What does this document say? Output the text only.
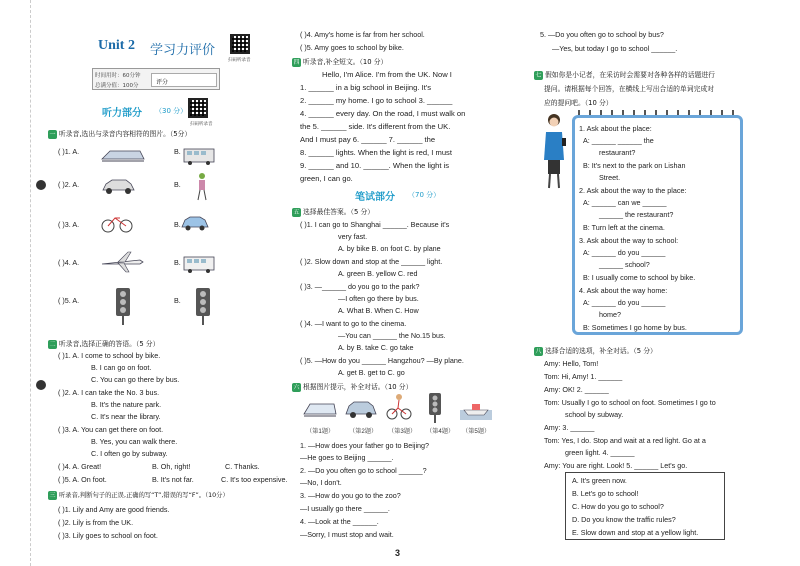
Unit 2 学习力评价
扫码听录音
时间用时：60分钟
总满分值：100分	评分
听力部分 （30 分）
扫码听录音
一 听录音,选出与录音内容相符的图片。（5分）
( )1. A.	B.
( )2. A.	B.
( )3. A.	B.
( )4. A.	B.
( )5. A.	B.
二 听录音,选择正确的答语。（5 分）
( )1. A. I come to school by bike.
B. I can go on foot.
C. You can go there by bus.
( )2. A. I can take the No. 3 bus.
B. It's the nature park.
C. It's near the library.
( )3. A. You can get there on foot.
B. Yes, you can walk there.
C. I often go by subway.
( )4. A. Great!	B. Oh, right!	C. Thanks.
( )5. A. On foot.	B. It's not far.	C. It's too expensive.
三 听录音,判断句子的正误,正确的写“T”,错误的写“F”。（10分）
( )1. Lily and Amy are good friends.
( )2. Lily is from the UK.
( )3. Lily goes to school on foot.
( )4. Amy's home is far from her school.
( )5. Amy goes to school by bike.
四 听录音,补全短文。（10 分）
Hello, I'm Alice. I'm from the UK. Now I
1. ______ in a big school in Beijing. It's
2. ______ my home. I go to school 3. ______
4. ______ every day. On the road, I must walk on
the 5. ______ side. It's different from the UK.
And I must pay 6. ______ 7. ______ the
8. ______ lights. When the light is red, I must
9. ______ and 10. ______. When the light is
green, I can go.
笔试部分 （70 分）
五 选择最佳答案。（5 分）
( )1. I can go to Shanghai ______. Because it's
very fast.
A. by bike B. on foot C. by plane
( )2. Slow down and stop at the ______ light.
A. green B. yellow C. red
( )3. —______ do you go to the park?
—I often go there by bus.
A. What B. When C. How
( )4. —I want to go to the cinema.
—You can ______ the No.15 bus.
A. by B. take C. go take
( )5. —How do you ______ Hangzhou? —By plane.
A. get B. get to C. go
六 根据图片提示，补全对话。（10 分）
（第1题） （第2题） （第3题） （第4题） （第5题）
1. —How does your father go to Beijing?
—He goes to Beijing ______.
2. —Do you often go to school ______?
—No, I don't.
3. —How do you go to the zoo?
—I usually go there ______.
4. —Look at the ______.
—Sorry, I must stop and wait.
3
5. —Do you often go to school by bus?
—Yes, but today I go to school ______.
七 假如你是小记者，在采访时会需要对各种各样的话题进行
提问。请根据每个回答，在横线上写出合适的单词完成对
应的提问吧。（10 分）
1. Ask about the place:
A: ______ ______ the
restaurant?
B: It's next to the park on Lishan
Street.
2. Ask about the way to the place:
A: ______ can we ______
______ the restaurant?
B: Turn left at the cinema.
3. Ask about the way to school:
A: ______ do you ______
______ school?
B: I usually come to school by bike.
4. Ask about the way home:
A: ______ do you ______
home?
B: Sometimes I go home by bus.
八 选择合适的选项，补全对话。（5 分）
Amy: Hello, Tom!
Tom: Hi, Amy! 1. ______
Amy: OK! 2. ______
Tom: Usually I go to school on foot. Sometimes I go to
school by subway.
Amy: 3. ______
Tom: Yes, I do. Stop and wait at a red light. Go at a
green light. 4. ______
Amy: You are right. Look! 5. ______ Let's go.
A. It's green now.
B. Let's go to school!
C. How do you go to school?
D. Do you know the traffic rules?
E. Slow down and stop at a yellow light.
